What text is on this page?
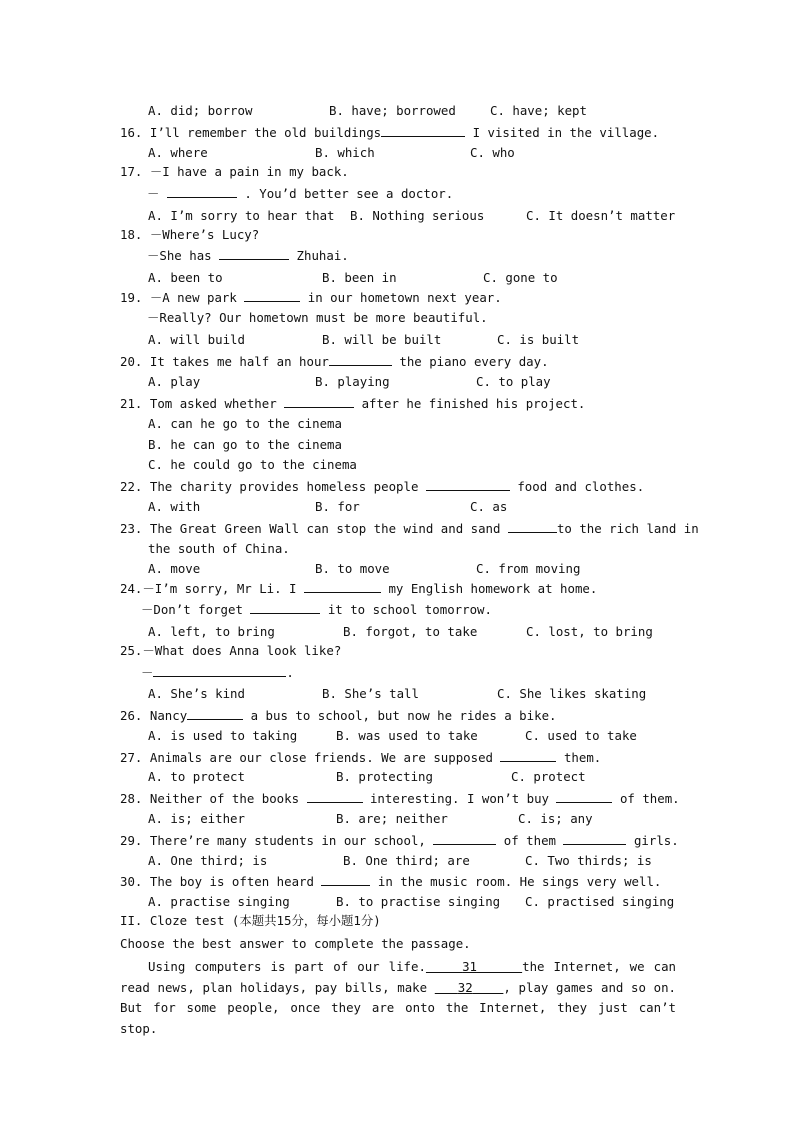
A. did; borrow	B. have; borrowed	C. have; kept
16. I’ll remember the old buildings	I visited in the village.
A. where	B. which	C. who
17. －I have a pain in my back.
－	. You’d better see a doctor.
A. I’m sorry to hear that B. Nothing serious	C. It doesn’t matter
18. －Where’s Lucy?
－She has	Zhuhai.
A. been to	B. been in	C. gone to
19. －A new park	in our hometown next year.
－Really? Our hometown must be more beautiful.
A. will build	B. will be built	C. is built
20. It takes me half an hour	the piano every day.
A. play	B. playing	C. to play
21. Tom asked whether	after he finished his project.
A. can he go to the cinema
B. he can go to the cinema
C. he could go to the cinema
22. The charity provides homeless people	food and clothes.
A. with	B. for	C. as
23. The Great Green Wall can stop the wind and sand	to the rich land in
the south of China.
A. move	B. to move	C. from moving
24.－I’m sorry, Mr Li. I	my English homework at home.
－Don’t forget	it to school tomorrow.
A. left, to bring	B. forgot, to take	C. lost, to bring
25.－What does Anna look like?
－	.
A. She’s kind	B. She’s tall	C. She likes skating
26. Nancy	a bus to school, but now he rides a bike.
A. is used to taking	B. was used to take	C. used to take
27. Animals are our close friends. We are supposed	them.
A. to protect	B. protecting	C. protect
28. Neither of the books	interesting. I won’t buy	of them.
A. is; either	B. are; neither	C. is; any
29. There’re many students in our school,	of them	girls.
A. One third; is	B. One third; are	C. Two thirds; is
30. The boy is often heard	in the music room. He sings very well.
A. practise singing	B. to practise singing C. practised singing
II. Cloze test (本题共15分，每小题1分)
Choose the best answer to complete the passage.
Using computers is part of our life.	31	the Internet, we can read news, plan holidays, pay bills, make    32 , play games and so on. But for some people, once they are onto the Internet, they just can’t stop.
